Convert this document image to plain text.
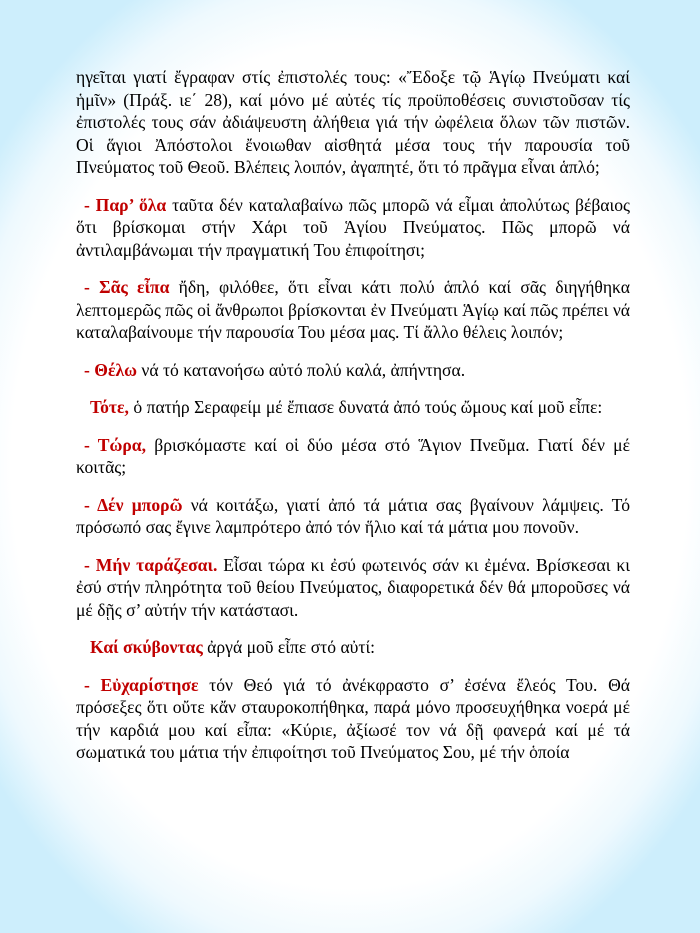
ηγεῖται γιατί ἔγραφαν στίς ἐπιστολές τους: «Ἔδοξε τῷ Ἁγίῳ Πνεύματι καί ἡμῖν» (Πράξ. ιε΄ 28), καί μόνο μέ αὐτές τίς προϋποθέσεις συνιστοῦσαν τίς ἐπιστολές τους σάν ἀδιάψευστη ἀλήθεια γιά τήν ὠφέλεια ὅλων τῶν πιστῶν. Οἱ ἅγιοι Ἀπόστολοι ἔνοιωθαν αἰσθητά μέσα τους τήν παρουσία τοῦ Πνεύματος τοῦ Θεοῦ. Βλέπεις λοιπόν, ἀγαπητέ, ὅτι τό πρᾶγμα εἶναι ἁπλό;

- Παρ’ ὅλα ταῦτα δέν καταλαβαίνω πῶς μπορῶ νά εἶμαι ἀπολύτως βέβαιος ὅτι βρίσκομαι στήν Χάρι τοῦ Ἁγίου Πνεύματος. Πῶς μπορῶ νά ἀντιλαμβάνωμαι τήν πραγματική Του ἐπιφοίτησι;

- Σᾶς εἶπα ἤδη, φιλόθεε, ὅτι εἶναι κάτι πολύ ἁπλό καί σᾶς διηγήθηκα λεπτομερῶς πῶς οἱ ἄνθρωποι βρίσκονται ἐν Πνεύματι Ἁγίῳ καί πῶς πρέπει νά καταλαβαίνουμε τήν παρουσία Του μέσα μας. Τί ἄλλο θέλεις λοιπόν;

- Θέλω νά τό κατανοήσω αὐτό πολύ καλά, ἀπήντησα.

Τότε, ὁ πατήρ Σεραφείμ μέ ἔπιασε δυνατά ἀπό τούς ὤμους καί μοῦ εἶπε:

- Τώρα, βρισκόμαστε καί οἱ δύο μέσα στό Ἅγιον Πνεῦμα. Γιατί δέν μέ κοιτᾶς;

- Δέν μπορῶ νά κοιτάξω, γιατί ἀπό τά μάτια σας βγαίνουν λάμψεις. Τό πρόσωπό σας ἔγινε λαμπρότερο ἀπό τόν ἥλιο καί τά μάτια μου πονοῦν.

- Μήν ταράζεσαι. Εἶσαι τώρα κι ἐσύ φωτεινός σάν κι ἐμένα. Βρίσκεσαι κι ἐσύ στήν πληρότητα τοῦ θείου Πνεύματος, διαφορετικά δέν θά μποροῦσες νά μέ δῇς σ’ αὐτήν τήν κατάστασι.

Καί σκύβοντας ἀργά μοῦ εἶπε στό αὐτί:

- Εὐχαρίστησε τόν Θεό γιά τό ἀνέκφραστο σ’ ἐσένα ἔλεός Του. Θά πρόσεξες ὅτι οὔτε κἄν σταυροκοπήθηκα, παρά μόνο προσευχήθηκα νοερά μέ τήν καρδιά μου καί εἶπα: «Κύριε, ἀξίωσέ τον νά δῇ φανερά καί μέ τά σωματικά του μάτια τήν ἐπιφοίτησι τοῦ Πνεύματος Σου, μέ τήν ὁποία
